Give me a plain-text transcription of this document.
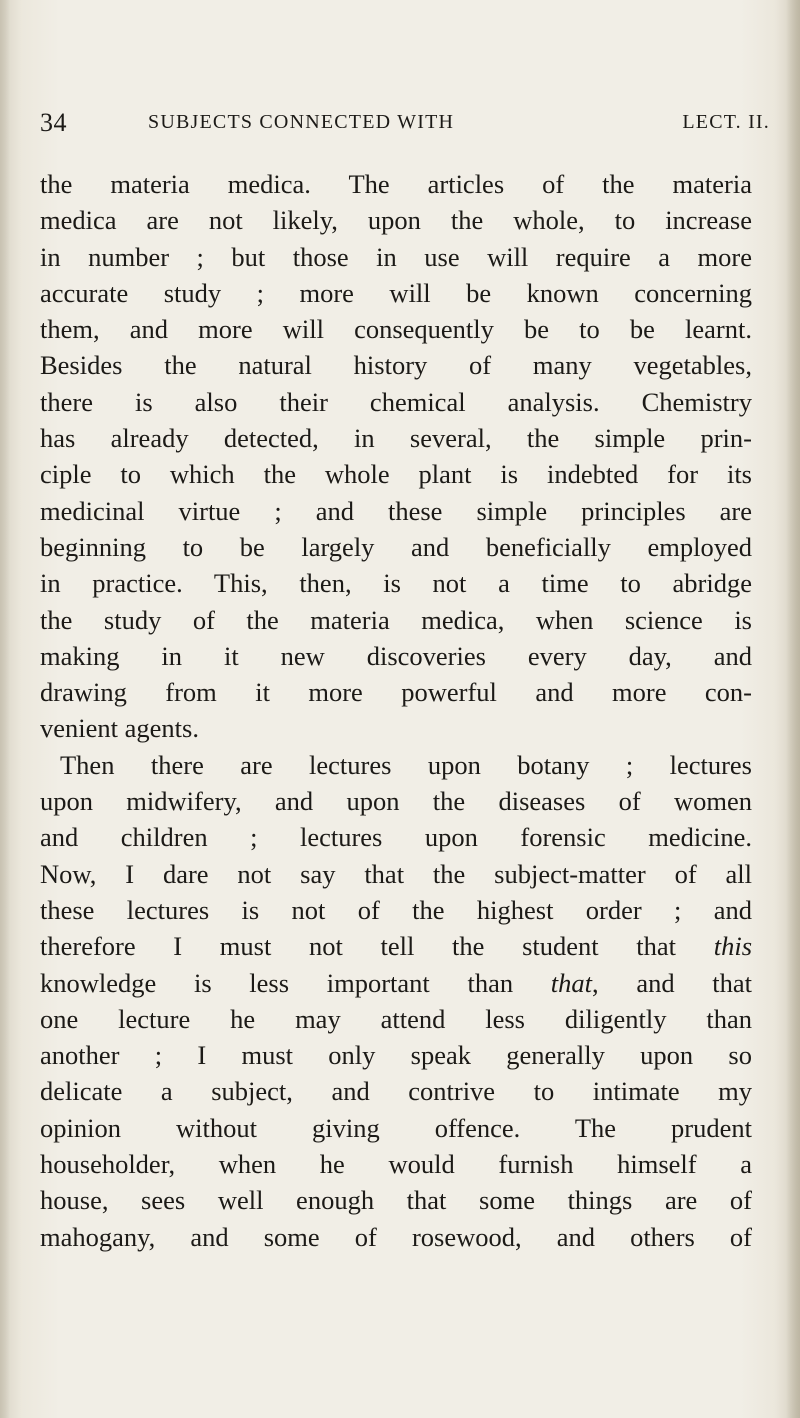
34	SUBJECTS CONNECTED WITH	LECT. II.
the materia medica. The articles of the materia
medica are not likely, upon the whole, to increase
in number ; but those in use will require a more
accurate study ; more will be known concerning
them, and more will consequently be to be learnt.
Besides the natural history of many vegetables,
there is also their chemical analysis. Chemistry
has already detected, in several, the simple prin-
ciple to which the whole plant is indebted for its
medicinal virtue ; and these simple principles are
beginning to be largely and beneficially employed
in practice. This, then, is not a time to abridge
the study of the materia medica, when science is
making in it new discoveries every day, and
drawing from it more powerful and more con-
venient agents.
Then there are lectures upon botany ; lectures
upon midwifery, and upon the diseases of women
and children ; lectures upon forensic medicine.
Now, I dare not say that the subject-matter of all
these lectures is not of the highest order ; and
therefore I must not tell the student that this
knowledge is less important than that, and that
one lecture he may attend less diligently than
another ; I must only speak generally upon so
delicate a subject, and contrive to intimate my
opinion without giving offence. The prudent
householder, when he would furnish himself a
house, sees well enough that some things are of
mahogany, and some of rosewood, and others of
